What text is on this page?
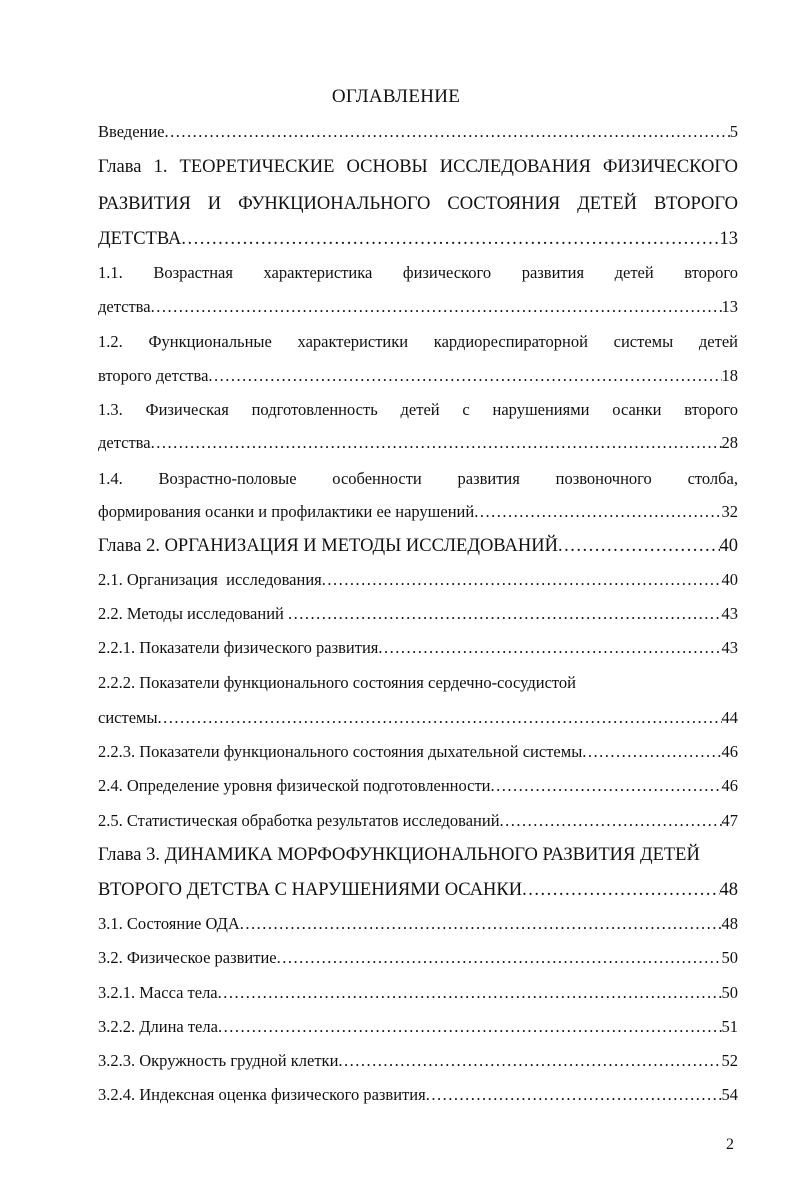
ОГЛАВЛЕНИЕ
Введение .....	5
Глава 1. ТЕОРЕТИЧЕСКИЕ ОСНОВЫ ИССЛЕДОВАНИЯ ФИЗИЧЕСКОГО
РАЗВИТИЯ И ФУНКЦИОНАЛЬНОГО СОСТОЯНИЯ ДЕТЕЙ ВТОРОГО
ДЕТСТВА .....	13
1.1. Возрастная характеристика физического развития детей второго
детства .....	13
1.2. Функциональные характеристики кардиореспираторной системы детей
второго детства .....	18
1.3. Физическая подготовленность детей с нарушениями осанки второго
детства .....	28
1.4. Возрастно-половые особенности развития позвоночного столба,
формирования осанки и профилактики ее нарушений .....	32
Глава 2. ОРГАНИЗАЦИЯ И МЕТОДЫ ИССЛЕДОВАНИЙ .....	40
2.1. Организация  исследования .....	40
2.2. Методы исследований .....	43
2.2.1. Показатели физического развития .....	43
2.2.2. Показатели функционального состояния сердечно-сосудистой
системы .....	44
2.2.3. Показатели функционального состояния дыхательной системы .....	46
2.4. Определение уровня физической подготовленности .....	46
2.5. Статистическая обработка результатов исследований .....	47
Глава 3. ДИНАМИКА МОРФОФУНКЦИОНАЛЬНОГО РАЗВИТИЯ ДЕТЕЙ
ВТОРОГО ДЕТСТВА С НАРУШЕНИЯМИ ОСАНКИ .....	48
3.1. Состояние ОДА .....	48
3.2. Физическое развитие .....	50
3.2.1. Масса тела .....	50
3.2.2. Длина тела .....	51
3.2.3. Окружность грудной клетки .....	52
3.2.4. Индексная оценка физического развития .....	54
2
